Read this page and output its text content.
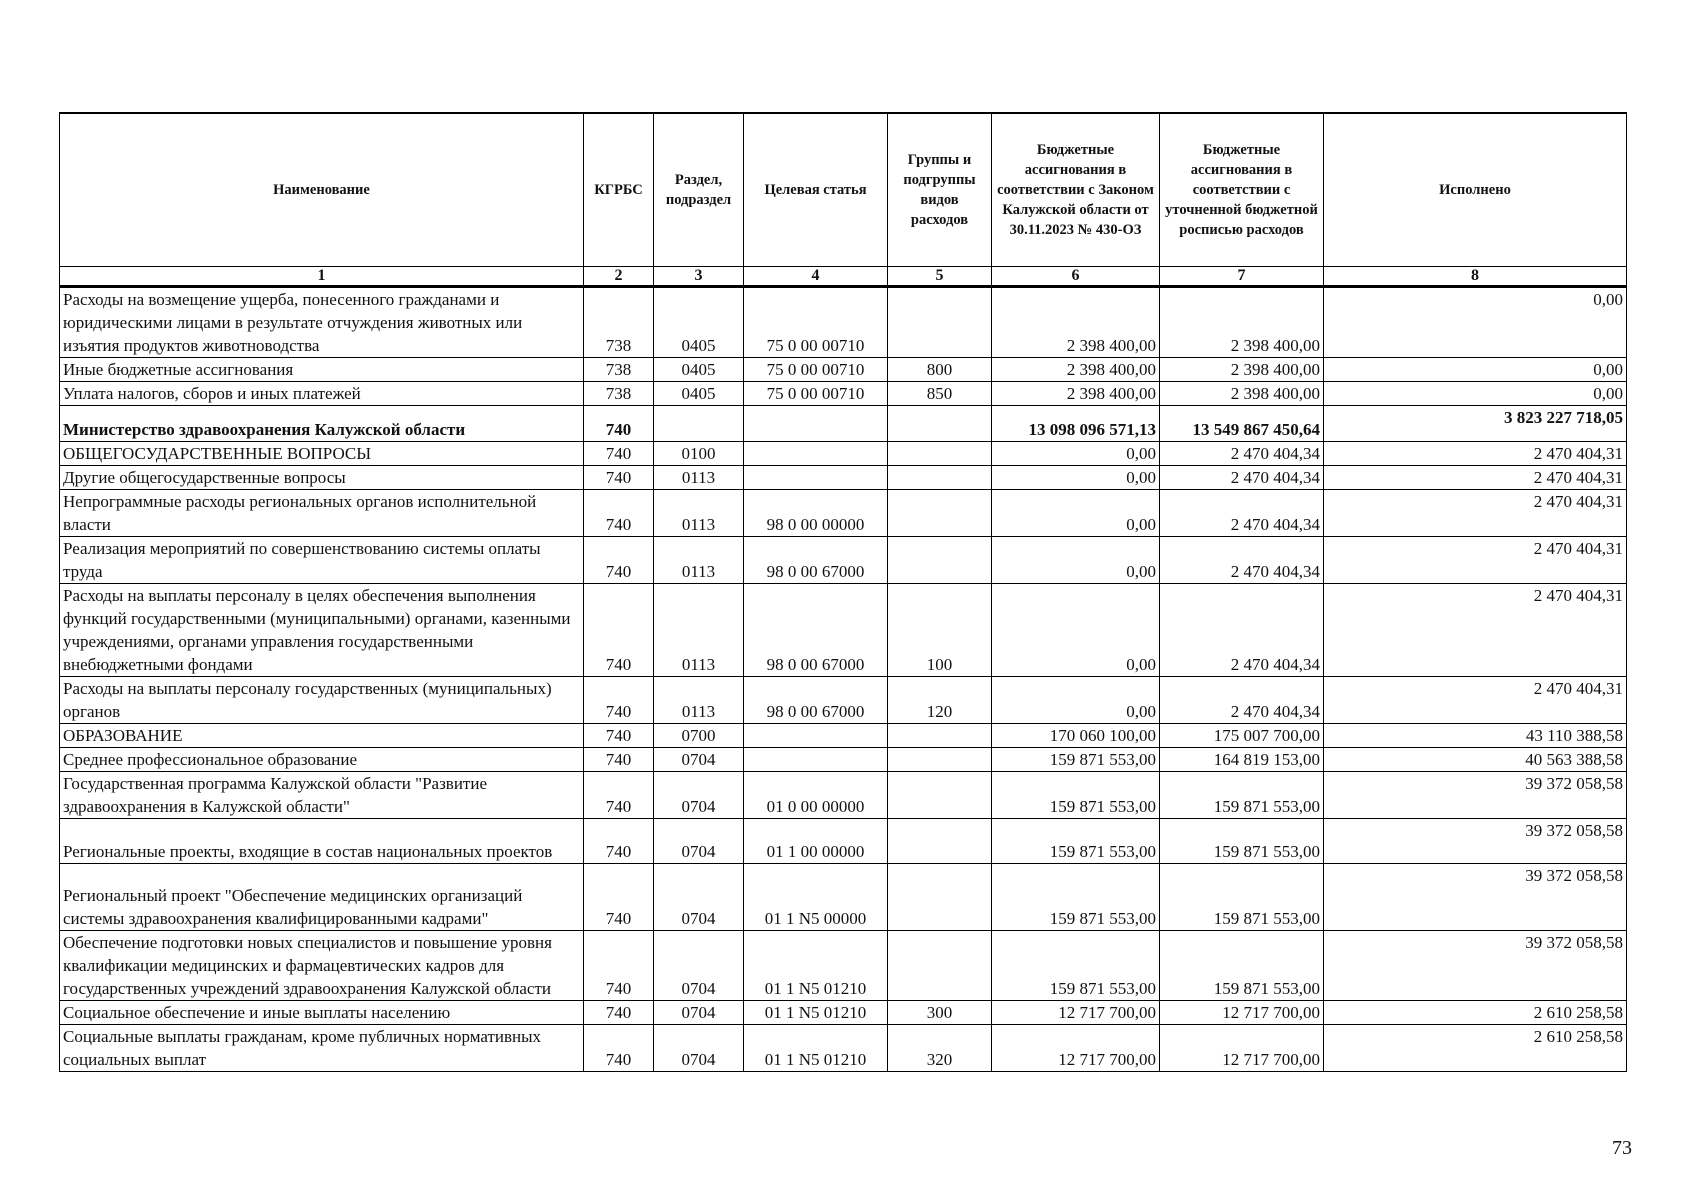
Наименование	КГРБС	Раздел, подраздел	Целевая статья	Группы и подгруппы видов расходов	Бюджетные ассигнования в соответствии с Законом Калужской области от 30.11.2023 № 430-ОЗ	Бюджетные ассигнования в соответствии с уточненной бюджетной росписью расходов	Исполнено
1	2	3	4	5	6	7	8
Расходы на возмещение ущерба, понесенного гражданами и юридическими лицами в результате отчуждения животных или изъятия продуктов животноводства	738	0405	75 0 00 00710		2 398 400,00	2 398 400,00	0,00
Иные бюджетные ассигнования	738	0405	75 0 00 00710	800	2 398 400,00	2 398 400,00	0,00
Уплата налогов, сборов и иных платежей	738	0405	75 0 00 00710	850	2 398 400,00	2 398 400,00	0,00
Министерство здравоохранения Калужской области	740				13 098 096 571,13	13 549 867 450,64	3 823 227 718,05
ОБЩЕГОСУДАРСТВЕННЫЕ ВОПРОСЫ	740	0100			0,00	2 470 404,34	2 470 404,31
Другие общегосударственные вопросы	740	0113			0,00	2 470 404,34	2 470 404,31
Непрограммные расходы региональных органов исполнительной власти	740	0113	98 0 00 00000		0,00	2 470 404,34	2 470 404,31
Реализация мероприятий по совершенствованию системы оплаты труда	740	0113	98 0 00 67000		0,00	2 470 404,34	2 470 404,31
Расходы на выплаты персоналу в целях обеспечения выполнения функций государственными (муниципальными) органами, казенными учреждениями, органами управления государственными внебюджетными фондами	740	0113	98 0 00 67000	100	0,00	2 470 404,34	2 470 404,31
Расходы на выплаты персоналу государственных (муниципальных) органов	740	0113	98 0 00 67000	120	0,00	2 470 404,34	2 470 404,31
ОБРАЗОВАНИЕ	740	0700			170 060 100,00	175 007 700,00	43 110 388,58
Среднее профессиональное образование	740	0704			159 871 553,00	164 819 153,00	40 563 388,58
Государственная программа Калужской области "Развитие здравоохранения в Калужской области"	740	0704	01 0 00 00000		159 871 553,00	159 871 553,00	39 372 058,58
Региональные проекты, входящие в состав национальных проектов	740	0704	01 1 00 00000		159 871 553,00	159 871 553,00	39 372 058,58
Региональный проект "Обеспечение медицинских организаций системы здравоохранения квалифицированными кадрами"	740	0704	01 1 N5 00000		159 871 553,00	159 871 553,00	39 372 058,58
Обеспечение подготовки новых специалистов и повышение уровня квалификации медицинских и фармацевтических кадров для государственных учреждений здравоохранения Калужской области	740	0704	01 1 N5 01210		159 871 553,00	159 871 553,00	39 372 058,58
Социальное обеспечение и иные выплаты населению	740	0704	01 1 N5 01210	300	12 717 700,00	12 717 700,00	2 610 258,58
Социальные выплаты гражданам, кроме публичных нормативных социальных выплат	740	0704	01 1 N5 01210	320	12 717 700,00	12 717 700,00	2 610 258,58
73
